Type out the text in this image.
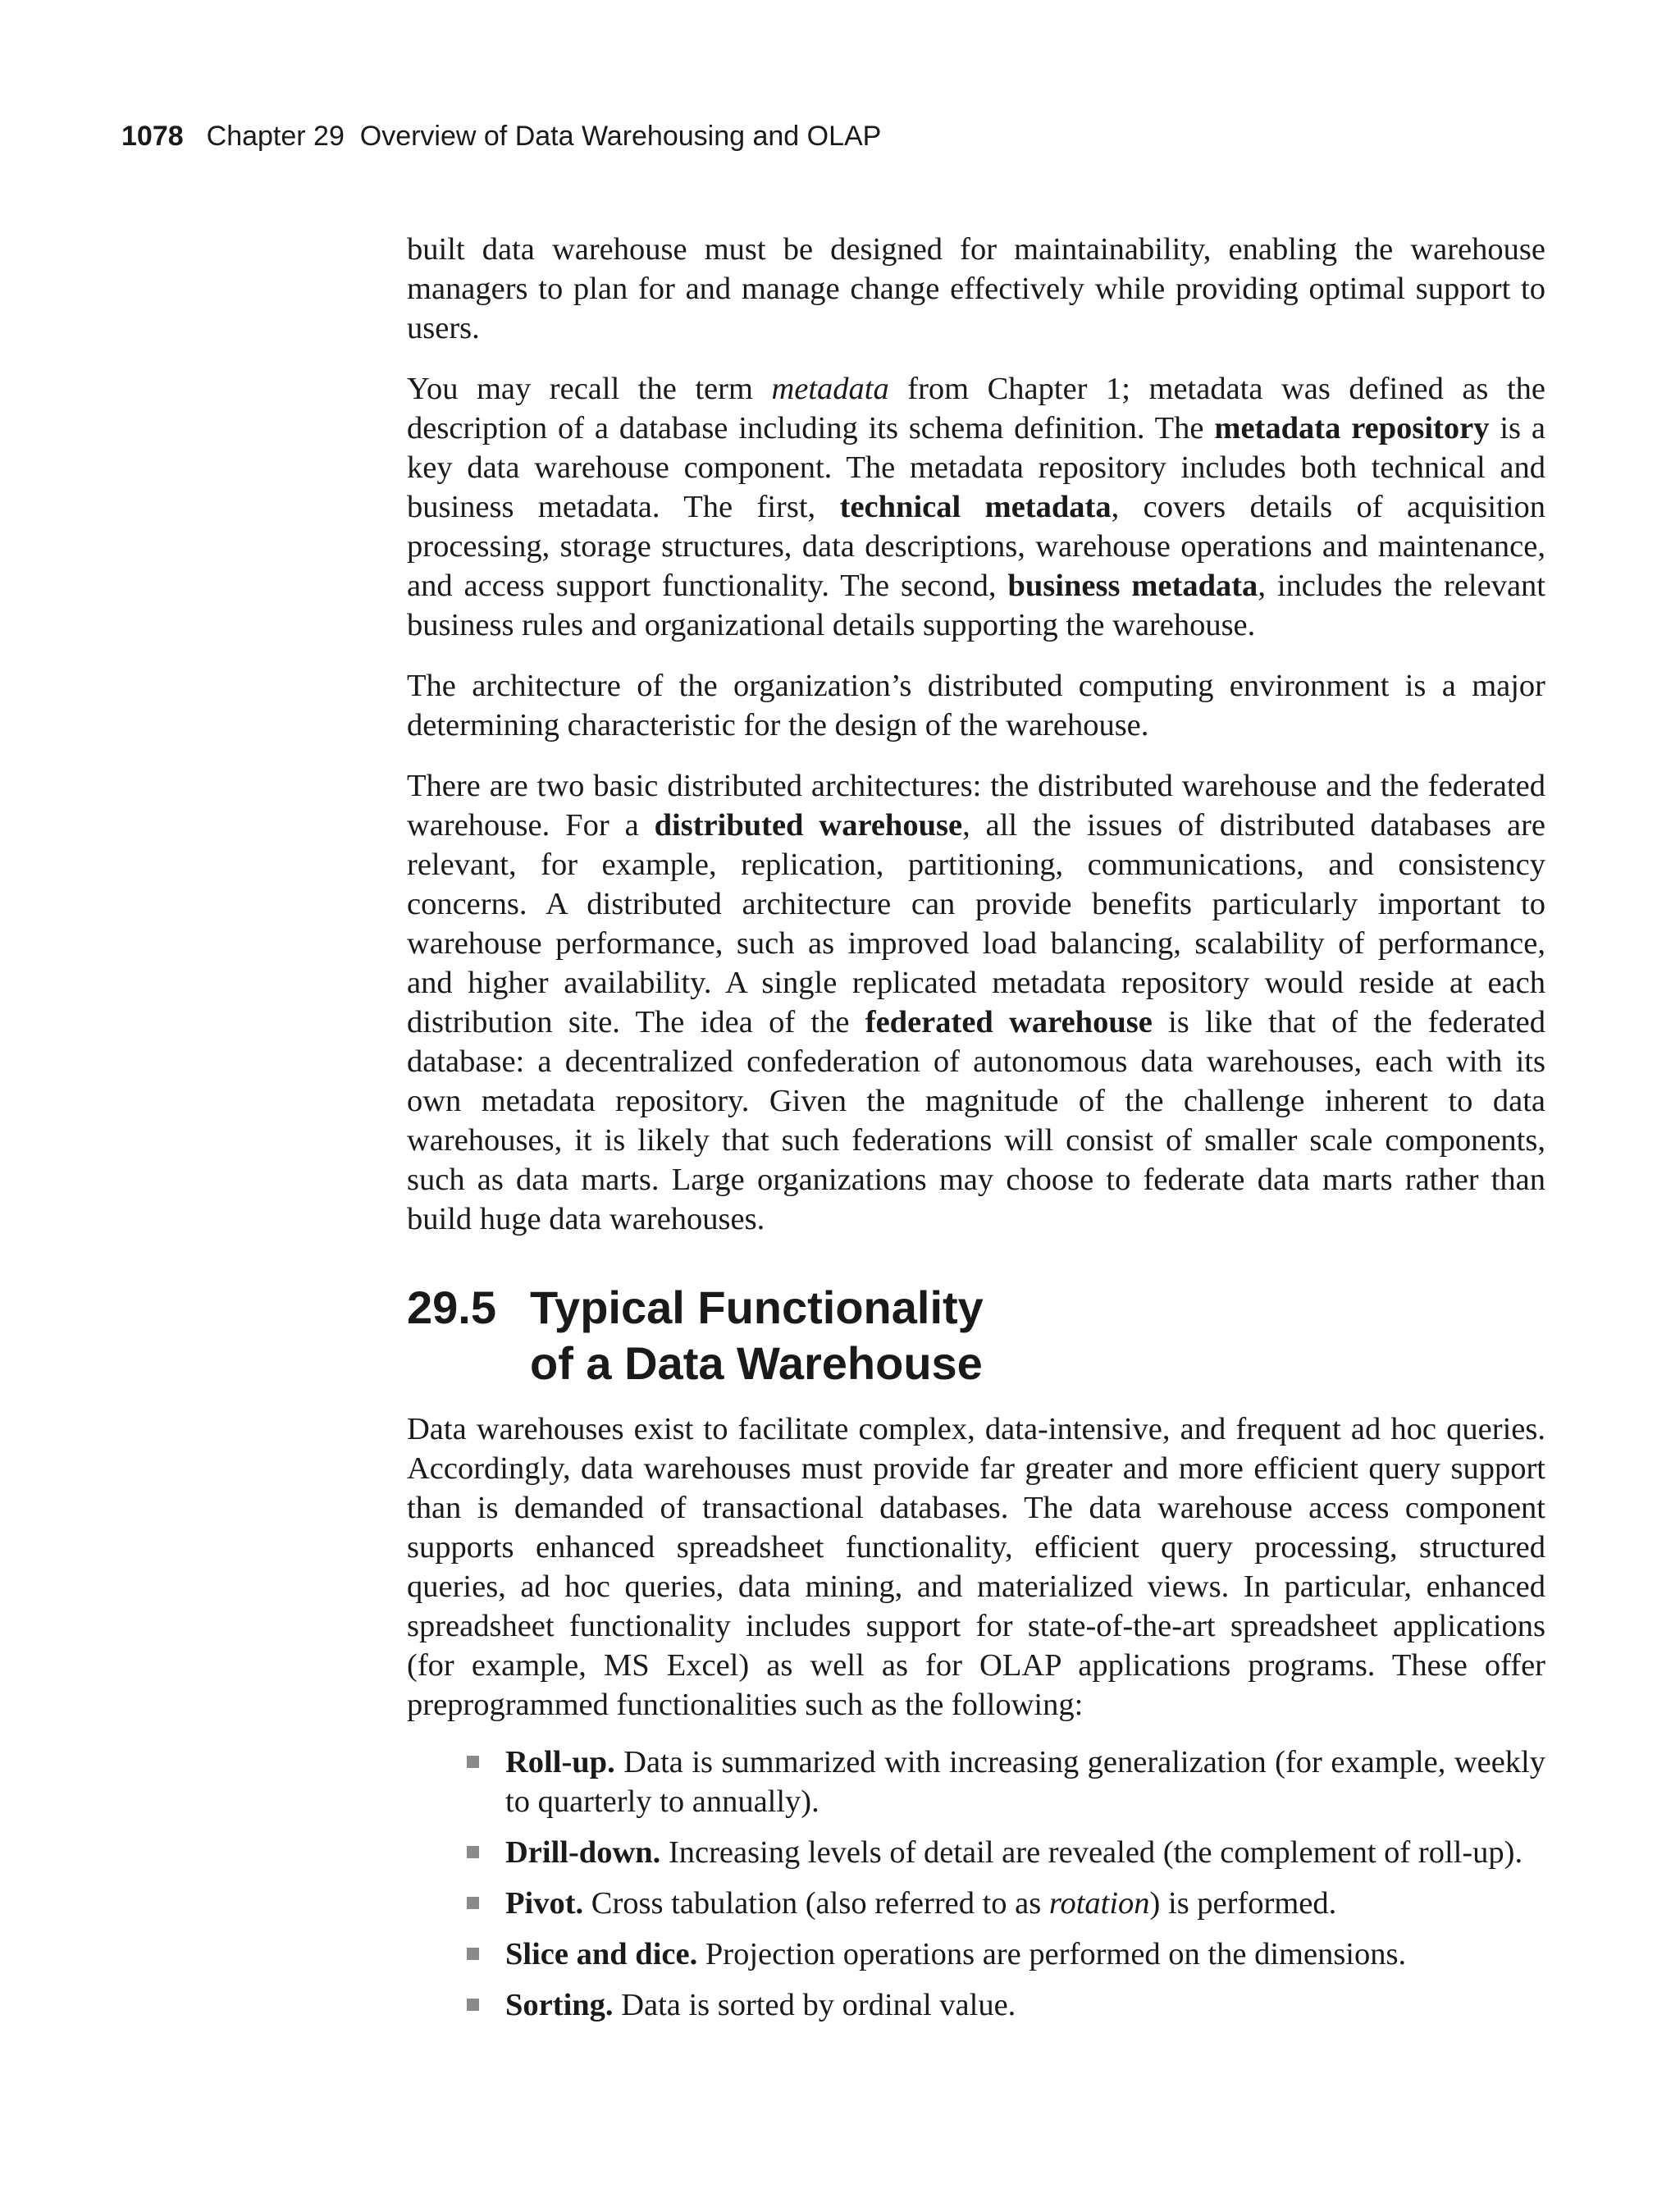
1078 Chapter 29  Overview of Data Warehousing and OLAP

built data warehouse must be designed for maintainability, enabling the warehouse managers to plan for and manage change effectively while providing optimal support to users.

You may recall the term metadata from Chapter 1; metadata was defined as the description of a database including its schema definition. The metadata repository is a key data warehouse component. The metadata repository includes both technical and business metadata. The first, technical metadata, covers details of acquisition processing, storage structures, data descriptions, warehouse operations and maintenance, and access support functionality. The second, business metadata, includes the relevant business rules and organizational details supporting the warehouse.

The architecture of the organization’s distributed computing environment is a major determining characteristic for the design of the warehouse.

There are two basic distributed architectures: the distributed warehouse and the federated warehouse. For a distributed warehouse, all the issues of distributed databases are relevant, for example, replication, partitioning, communications, and consistency concerns. A distributed architecture can provide benefits particularly important to warehouse performance, such as improved load balancing, scalability of performance, and higher availability. A single replicated metadata repository would reside at each distribution site. The idea of the federated warehouse is like that of the federated database: a decentralized confederation of autonomous data warehouses, each with its own metadata repository. Given the magnitude of the challenge inherent to data warehouses, it is likely that such federations will consist of smaller scale components, such as data marts. Large organizations may choose to federate data marts rather than build huge data warehouses.

29.5 Typical Functionality
of a Data Warehouse

Data warehouses exist to facilitate complex, data-intensive, and frequent ad hoc queries. Accordingly, data warehouses must provide far greater and more efficient query support than is demanded of transactional databases. The data warehouse access component supports enhanced spreadsheet functionality, efficient query processing, structured queries, ad hoc queries, data mining, and materialized views. In particular, enhanced spreadsheet functionality includes support for state-of-the-art spreadsheet applications (for example, MS Excel) as well as for OLAP applications programs. These offer preprogrammed functionalities such as the following:

Roll-up. Data is summarized with increasing generalization (for example, weekly to quarterly to annually).
Drill-down. Increasing levels of detail are revealed (the complement of roll-up).
Pivot. Cross tabulation (also referred to as rotation) is performed.
Slice and dice. Projection operations are performed on the dimensions.
Sorting. Data is sorted by ordinal value.
